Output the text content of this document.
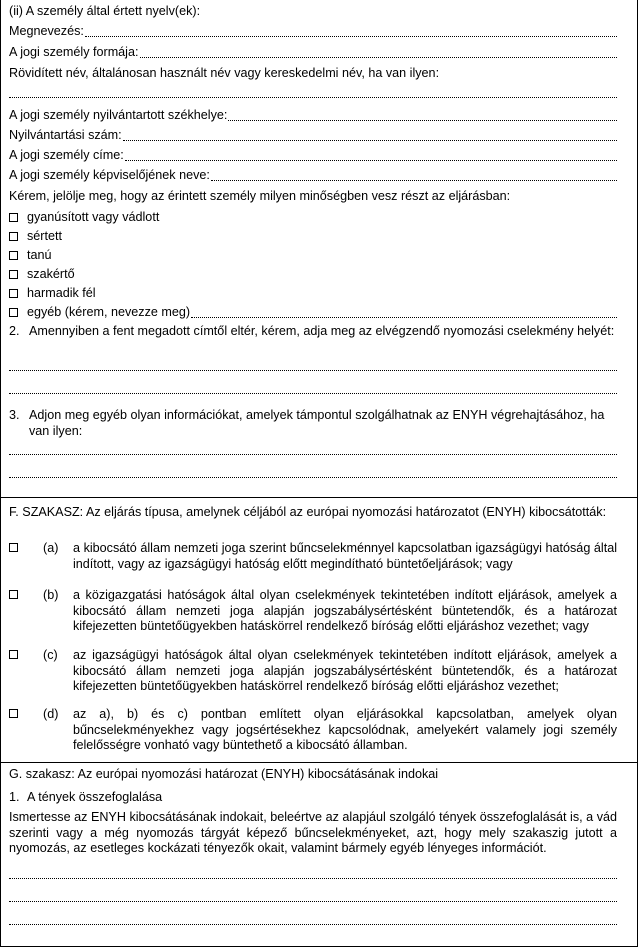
(ii) A személy által értett nyelv(ek):
Megnevezés:
A jogi személy formája:
Rövidített név, általánosan használt név vagy kereskedelmi név, ha van ilyen:
A jogi személy nyilvántartott székhelye:
Nyilvántartási szám:
A jogi személy címe:
A jogi személy képviselőjének neve:
Kérem, jelölje meg, hogy az érintett személy milyen minőségben vesz részt az eljárásban:
gyanúsított vagy vádlott
sértett
tanú
szakértő
harmadik fél
egyéb (kérem, nevezze meg)
2. Amennyiben a fent megadott címtől eltér, kérem, adja meg az elvégzendő nyomozási cselekmény helyét:
3. Adjon meg egyéb olyan információkat, amelyek támpontul szolgálhatnak az ENYH végrehajtásához, ha van ilyen:
F. SZAKASZ: Az eljárás típusa, amelynek céljából az európai nyomozási határozatot (ENYH) kibocsátották:
(a) a kibocsátó állam nemzeti joga szerint bűncselekménnyel kapcsolatban igazságügyi hatóság által indított, vagy az igazságügyi hatóság előtt megindítható büntetőeljárások; vagy
(b) a közigazgatási hatóságok által olyan cselekmények tekintetében indított eljárások, amelyek a kibocsátó állam nemzeti joga alapján jogszabálysértésként büntetendők, és a határozat kifejezetten büntetőügyekben hatáskörrel rendelkező bíróság előtti eljáráshoz vezethet; vagy
(c) az igazságügyi hatóságok által olyan cselekmények tekintetében indított eljárások, amelyek a kibocsátó állam nemzeti joga alapján jogszabálysértésként büntetendők, és a határozat kifejezetten büntetőügyekben hatáskörrel rendelkező bíróság előtti eljáráshoz vezethet;
(d) az a), b) és c) pontban említett olyan eljárásokkal kapcsolatban, amelyek olyan bűncselekményekhez vagy jogsértésekhez kapcsolódnak, amelyekért valamely jogi személy felelősségre vonható vagy büntethető a kibocsátó államban.
G. szakasz: Az európai nyomozási határozat (ENYH) kibocsátásának indokai
1. A tények összefoglalása
Ismertesse az ENYH kibocsátásának indokait, beleértve az alapjául szolgáló tények összefoglalását is, a vád szerinti vagy a még nyomozás tárgyát képező bűncselekményeket, azt, hogy mely szakaszig jutott a nyomozás, az esetleges kockázati tényezők okait, valamint bármely egyéb lényeges információt.
